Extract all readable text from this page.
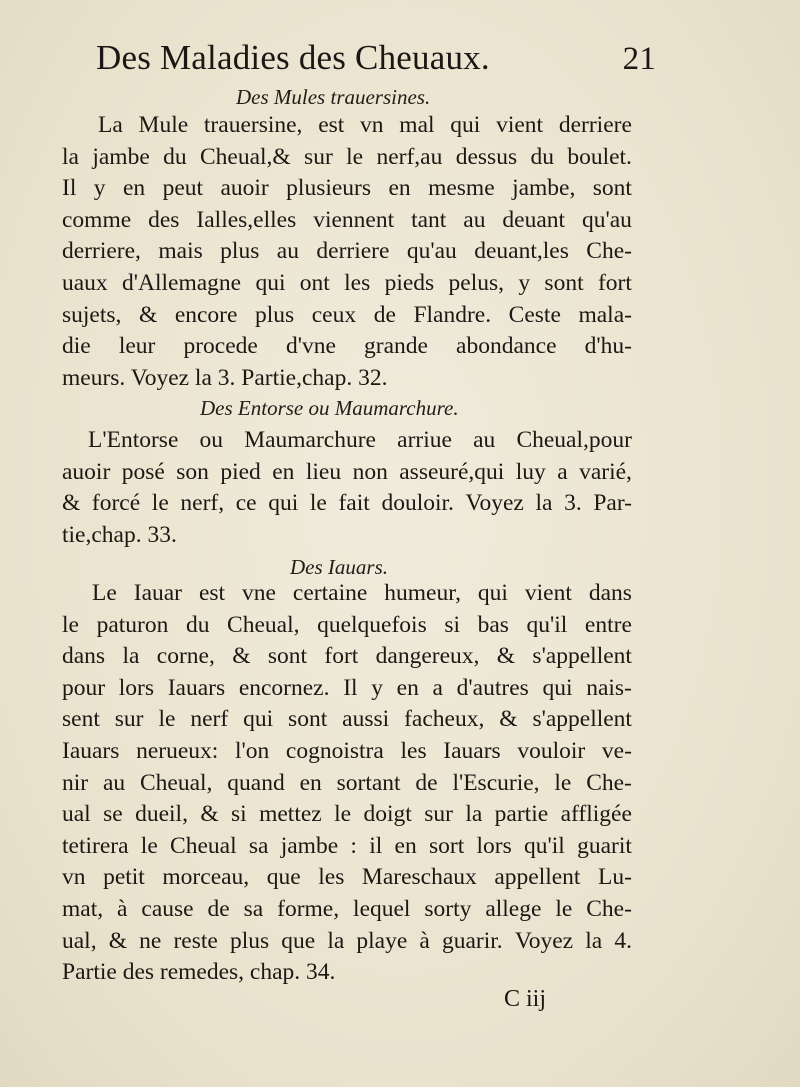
Des Maladies des Cheuaux.	21
Des Mules trauersines.
La Mule trauersine, est vn mal qui vient derriere
la jambe du Cheual,& sur le nerf,au dessus du boulet.
Il y en peut auoir plusieurs en mesme jambe, sont
comme des Ialles,elles viennent tant au deuant qu'au
derriere, mais plus au derriere qu'au deuant,les Che-
uaux d'Allemagne qui ont les pieds pelus, y sont fort
sujets, & encore plus ceux de Flandre. Ceste mala-
die leur procede d'vne grande abondance d'hu-
meurs. Voyez la 3. Partie,chap. 32.
Des Entorse ou Maumarchure.
L'Entorse ou Maumarchure arriue au Cheual,pour
auoir posé son pied en lieu non asseuré,qui luy a varié,
& forcé le nerf, ce qui le fait douloir. Voyez la 3. Par-
tie,chap. 33.
Des Iauars.
Le Iauar est vne certaine humeur, qui vient dans
le paturon du Cheual, quelquefois si bas qu'il entre
dans la corne, & sont fort dangereux, & s'appellent
pour lors Iauars encornez. Il y en a d'autres qui nais-
sent sur le nerf qui sont aussi facheux, & s'appellent
Iauars nerueux: l'on cognoistra les Iauars vouloir ve-
nir au Cheual, quand en sortant de l'Escurie, le Che-
ual se dueil, & si mettez le doigt sur la partie affligée
tetirera le Cheual sa jambe : il en sort lors qu'il guarit
vn petit morceau, que les Mareschaux appellent Lu-
mat, à cause de sa forme, lequel sorty allege le Che-
ual, & ne reste plus que la playe à guarir. Voyez la 4.
Partie des remedes, chap. 34.
C iij
